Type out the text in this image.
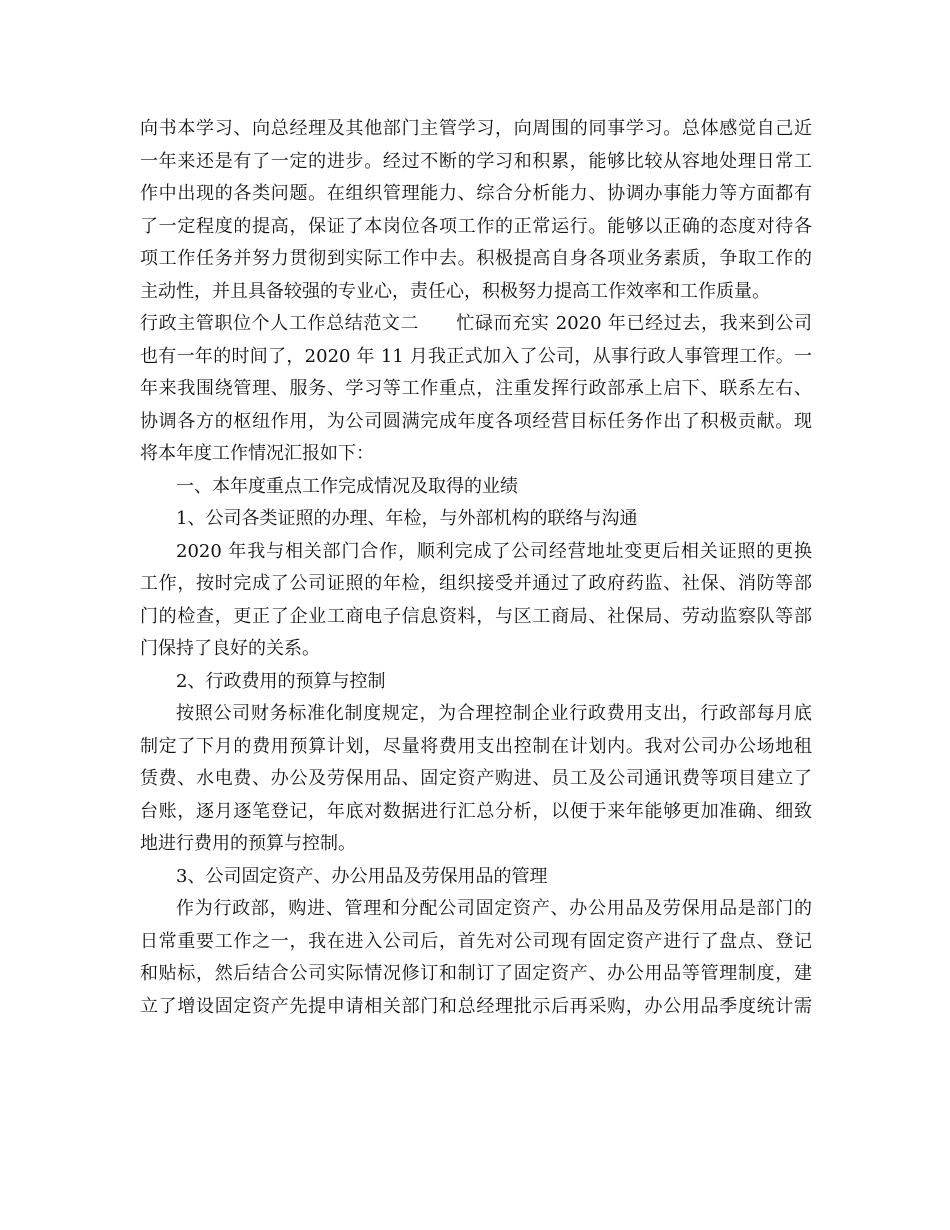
向书本学习、向总经理及其他部门主管学习，向周围的同事学习。总体感觉自己近
一年来还是有了一定的进步。经过不断的学习和积累，能够比较从容地处理日常工
作中出现的各类问题。在组织管理能力、综合分析能力、协调办事能力等方面都有
了一定程度的提高，保证了本岗位各项工作的正常运行。能够以正确的态度对待各
项工作任务并努力贯彻到实际工作中去。积极提高自身各项业务素质，争取工作的
主动性，并且具备较强的专业心，责任心，积极努力提高工作效率和工作质量。
行政主管职位个人工作总结范文二　　忙碌而充实 2020 年已经过去，我来到公司
也有一年的时间了，2020 年 11 月我正式加入了公司，从事行政人事管理工作。一
年来我围绕管理、服务、学习等工作重点，注重发挥行政部承上启下、联系左右、
协调各方的枢纽作用，为公司圆满完成年度各项经营目标任务作出了积极贡献。现
将本年度工作情况汇报如下：
一、本年度重点工作完成情况及取得的业绩
1、公司各类证照的办理、年检，与外部机构的联络与沟通
2020 年我与相关部门合作，顺利完成了公司经营地址变更后相关证照的更换
工作，按时完成了公司证照的年检，组织接受并通过了政府药监、社保、消防等部
门的检查，更正了企业工商电子信息资料，与区工商局、社保局、劳动监察队等部
门保持了良好的关系。
2、行政费用的预算与控制
按照公司财务标准化制度规定，为合理控制企业行政费用支出，行政部每月底
制定了下月的费用预算计划，尽量将费用支出控制在计划内。我对公司办公场地租
赁费、水电费、办公及劳保用品、固定资产购进、员工及公司通讯费等项目建立了
台账，逐月逐笔登记，年底对数据进行汇总分析，以便于来年能够更加准确、细致
地进行费用的预算与控制。
3、公司固定资产、办公用品及劳保用品的管理
作为行政部，购进、管理和分配公司固定资产、办公用品及劳保用品是部门的
日常重要工作之一，我在进入公司后，首先对公司现有固定资产进行了盘点、登记
和贴标，然后结合公司实际情况修订和制订了固定资产、办公用品等管理制度，建
立了增设固定资产先提申请相关部门和总经理批示后再采购，办公用品季度统计需
